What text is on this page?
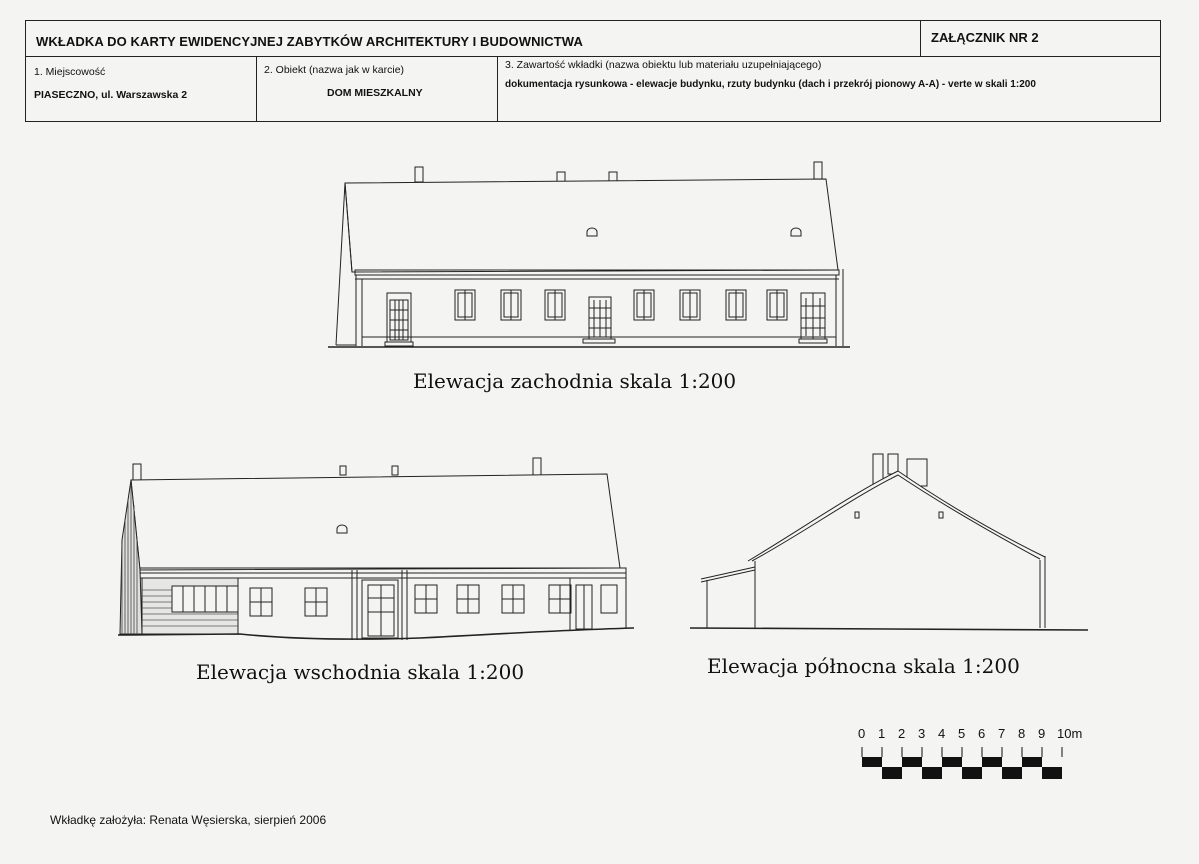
WKŁADKA DO KARTY EWIDENCYJNEJ ZABYTKÓW ARCHITEKTURY I BUDOWNICTWA	ZAŁĄCZNIK NR 2
1. Miejscowość
PIASECZNO, ul. Warszawska 2
2. Obiekt (nazwa jak w karcie)
DOM MIESZKALNY
3. Zawartość wkładki (nazwa obiektu lub materiału uzupełniającego)
dokumentacja rysunkowa - elewacje budynku, rzuty budynku (dach i przekrój pionowy A-A) - verte w skali 1:200
Elewacja zachodnia skala 1:200
Elewacja wschodnia skala 1:200	Elewacja północna skala 1:200
0 1 2 3 4 5 6 7 8 9 10m
Wkładkę założyła: Renata Węsierska, sierpień 2006
